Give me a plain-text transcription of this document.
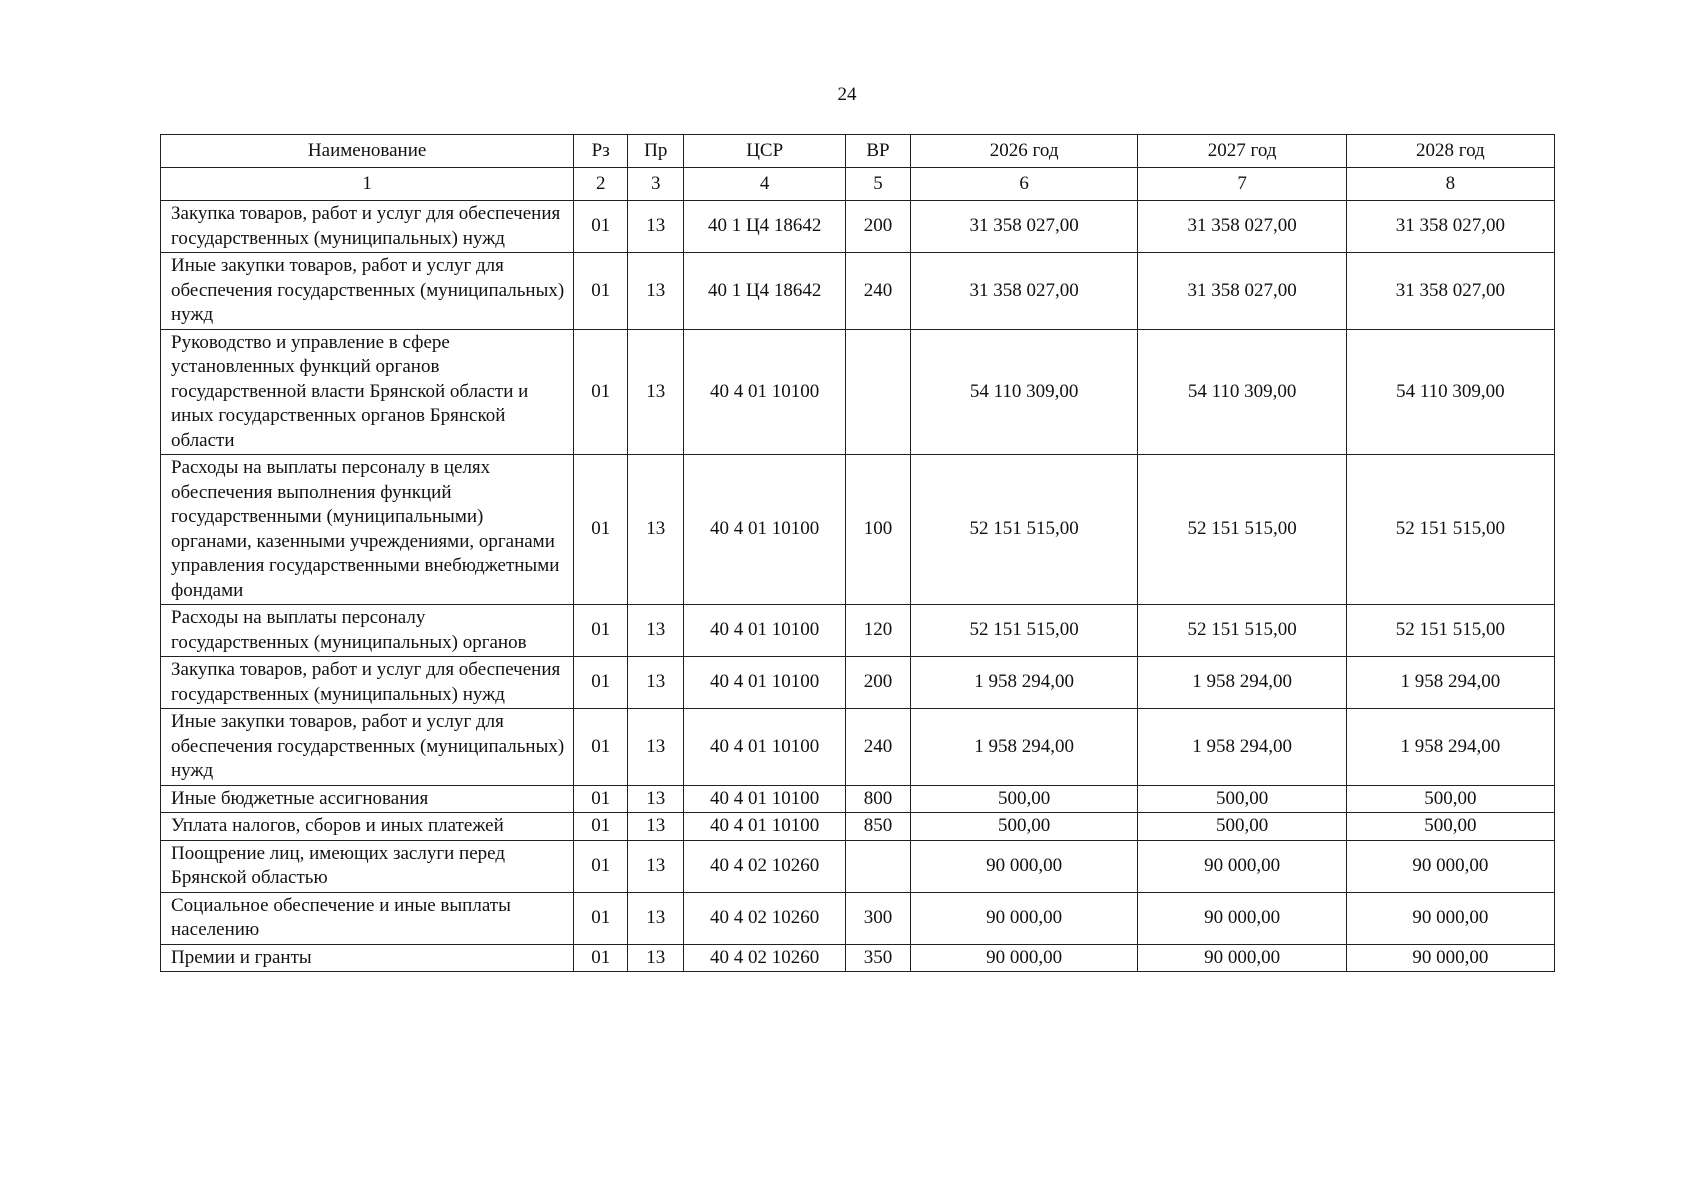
24
Наименование	Рз	Пр	ЦСР	ВР	2026 год	2027 год	2028 год
1	2	3	4	5	6	7	8
Закупка товаров, работ и услуг для обеспечения государственных (муниципальных) нужд	01	13	40 1 Ц4 18642	200	31 358 027,00	31 358 027,00	31 358 027,00
Иные закупки товаров, работ и услуг для обеспечения государственных (муниципальных) нужд	01	13	40 1 Ц4 18642	240	31 358 027,00	31 358 027,00	31 358 027,00
Руководство и управление в сфере установленных функций органов государственной власти Брянской области и иных государственных органов Брянской области	01	13	40 4 01 10100		54 110 309,00	54 110 309,00	54 110 309,00
Расходы на выплаты персоналу в целях обеспечения выполнения функций государственными (муниципальными) органами, казенными учреждениями, органами управления государственными внебюджетными фондами	01	13	40 4 01 10100	100	52 151 515,00	52 151 515,00	52 151 515,00
Расходы на выплаты персоналу государственных (муниципальных) органов	01	13	40 4 01 10100	120	52 151 515,00	52 151 515,00	52 151 515,00
Закупка товаров, работ и услуг для обеспечения государственных (муниципальных) нужд	01	13	40 4 01 10100	200	1 958 294,00	1 958 294,00	1 958 294,00
Иные закупки товаров, работ и услуг для обеспечения государственных (муниципальных) нужд	01	13	40 4 01 10100	240	1 958 294,00	1 958 294,00	1 958 294,00
Иные бюджетные ассигнования	01	13	40 4 01 10100	800	500,00	500,00	500,00
Уплата налогов, сборов и иных платежей	01	13	40 4 01 10100	850	500,00	500,00	500,00
Поощрение лиц, имеющих заслуги перед Брянской областью	01	13	40 4 02 10260		90 000,00	90 000,00	90 000,00
Социальное обеспечение и иные выплаты населению	01	13	40 4 02 10260	300	90 000,00	90 000,00	90 000,00
Премии и гранты	01	13	40 4 02 10260	350	90 000,00	90 000,00	90 000,00
